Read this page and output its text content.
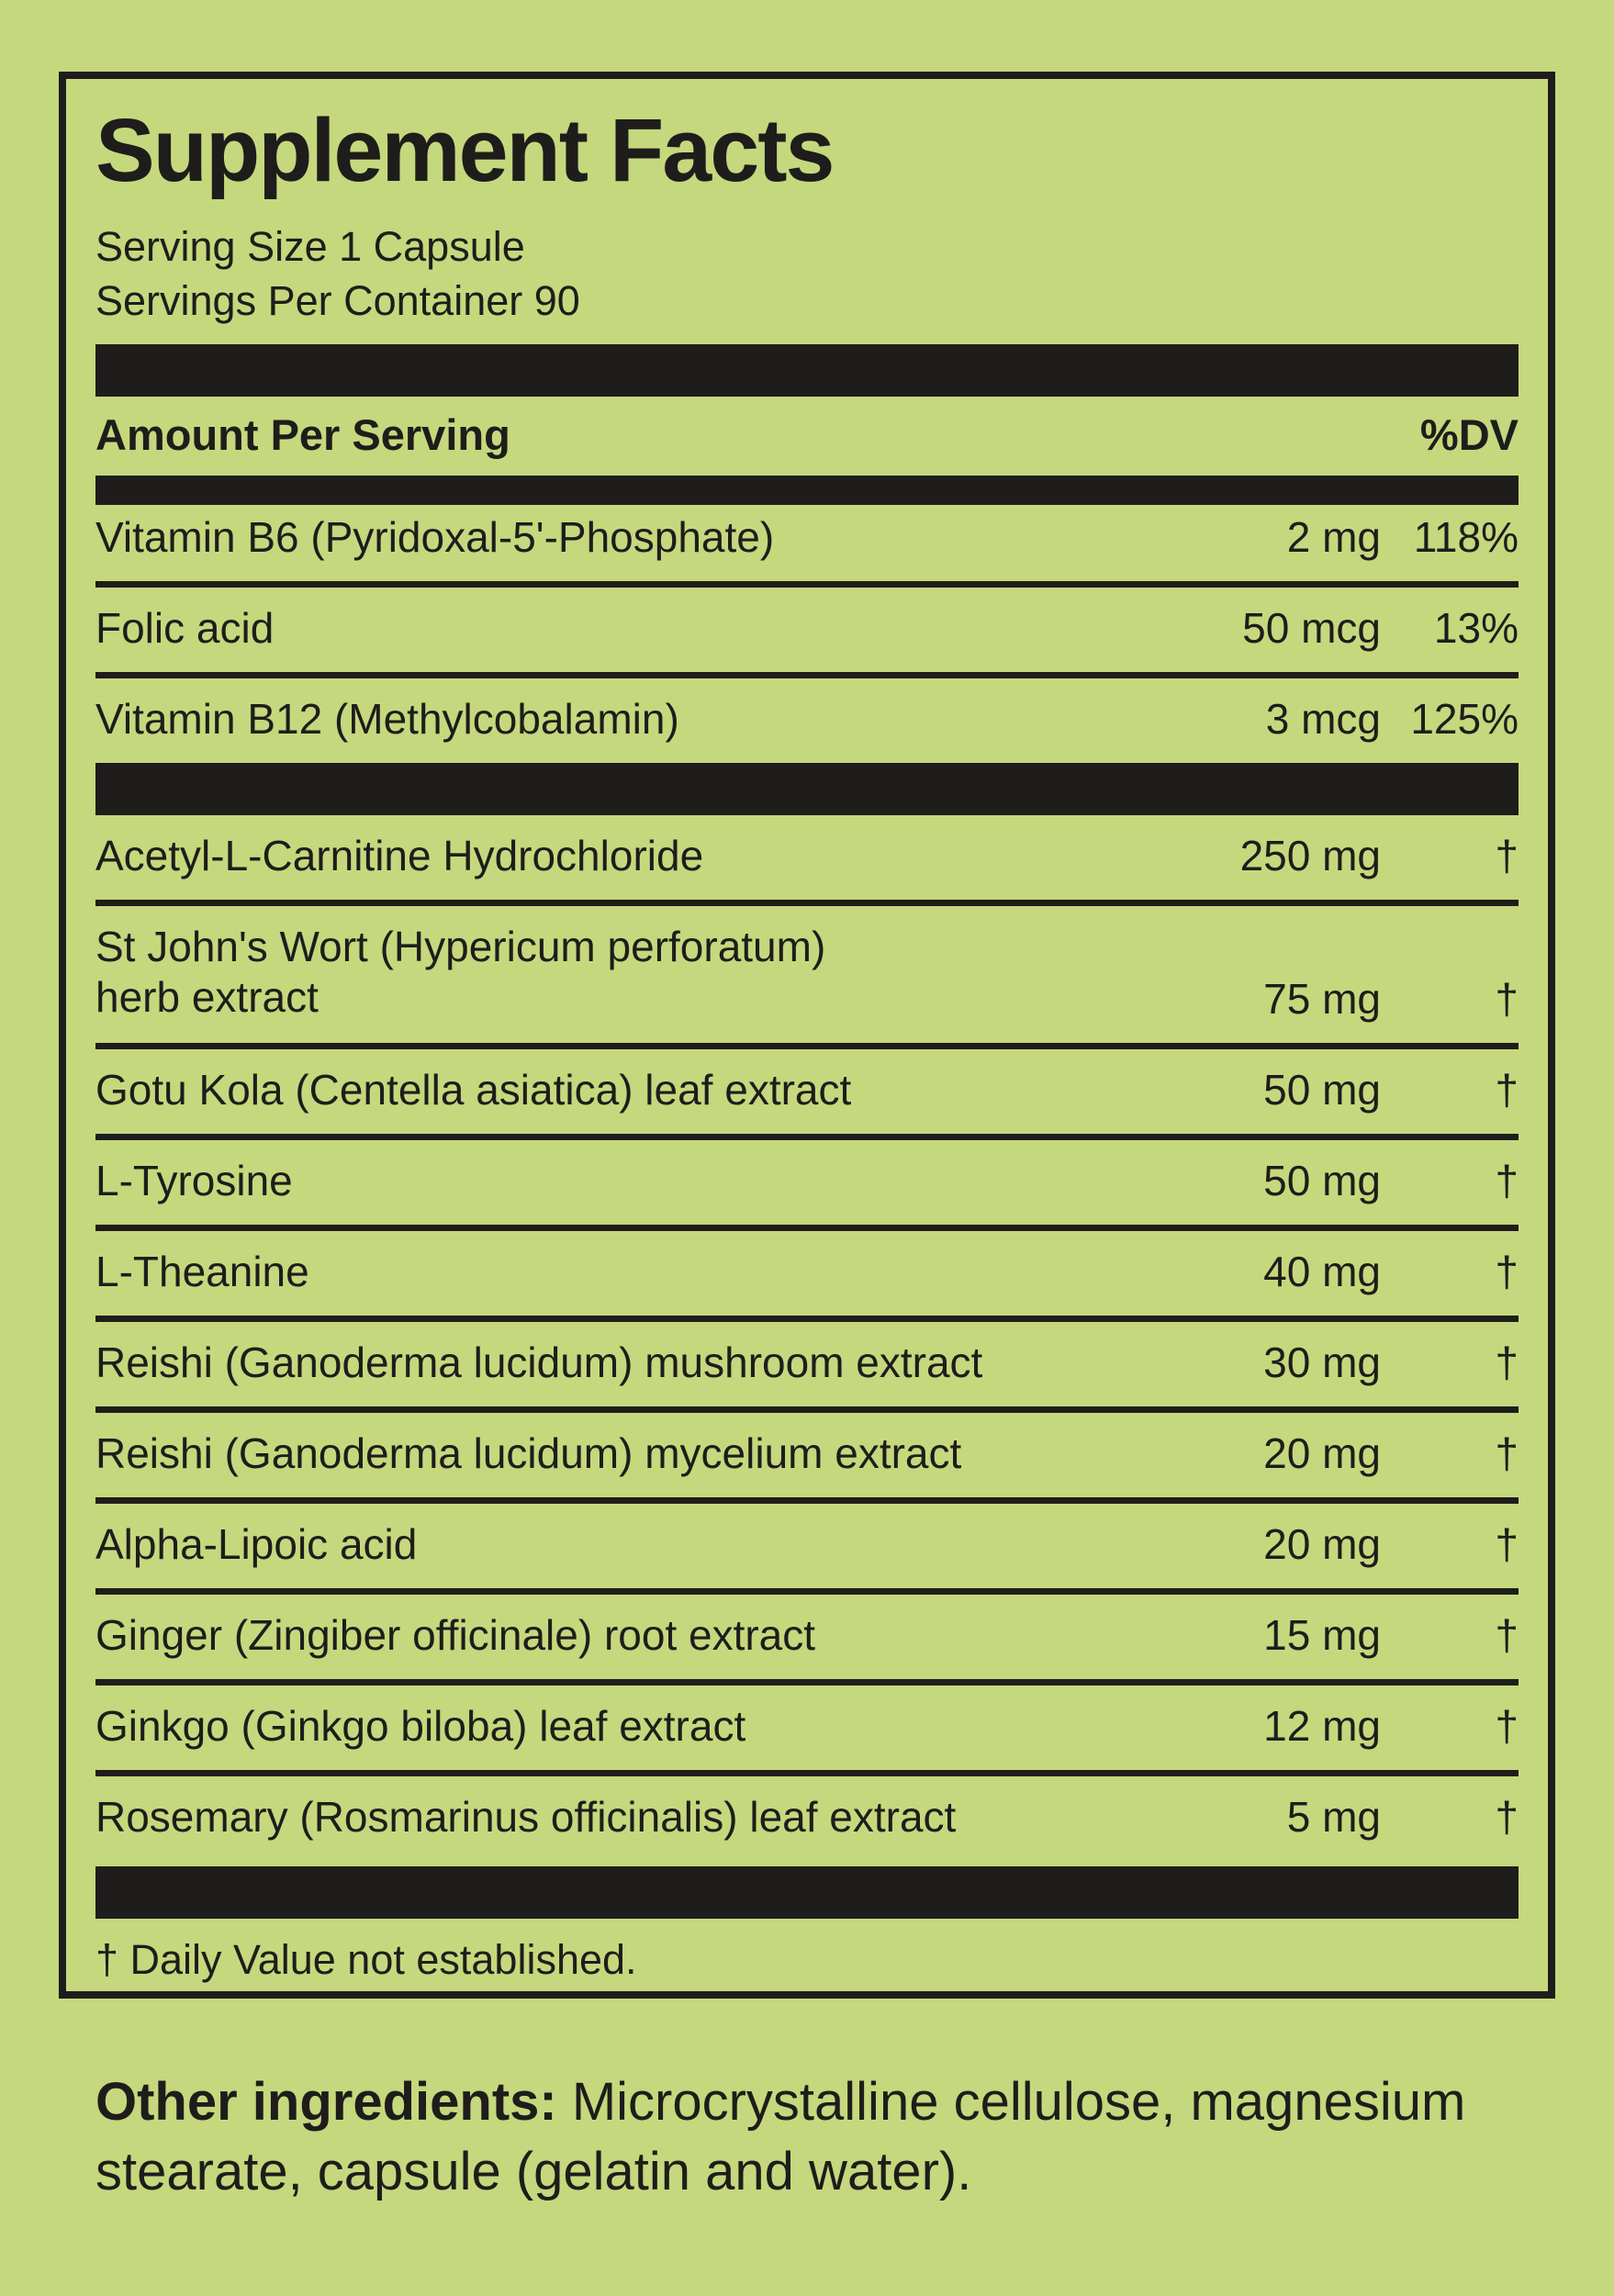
Supplement Facts
Serving Size 1 Capsule
Servings Per Container 90
Amount Per Serving	%DV
Vitamin B6 (Pyridoxal-5'-Phosphate)	2 mg 118%
Folic acid	50 mcg	13%
Vitamin B12 (Methylcobalamin)	3 mcg 125%
Acetyl-L-Carnitine Hydrochloride	250 mg	†
St John's Wort (Hypericum perforatum)
herb extract	75 mg	†
Gotu Kola (Centella asiatica) leaf extract	50 mg	†
L-Tyrosine	50 mg	†
L-Theanine	40 mg	†
Reishi (Ganoderma lucidum) mushroom extract	30 mg	†
Reishi (Ganoderma lucidum) mycelium extract	20 mg	†
Alpha-Lipoic acid	20 mg	†
Ginger (Zingiber officinale) root extract	15 mg	†
Ginkgo (Ginkgo biloba) leaf extract	12 mg	†
Rosemary (Rosmarinus officinalis) leaf extract	5 mg	†
† Daily Value not established.
Other ingredients: Microcrystalline cellulose, magnesium stearate, capsule (gelatin and water).
